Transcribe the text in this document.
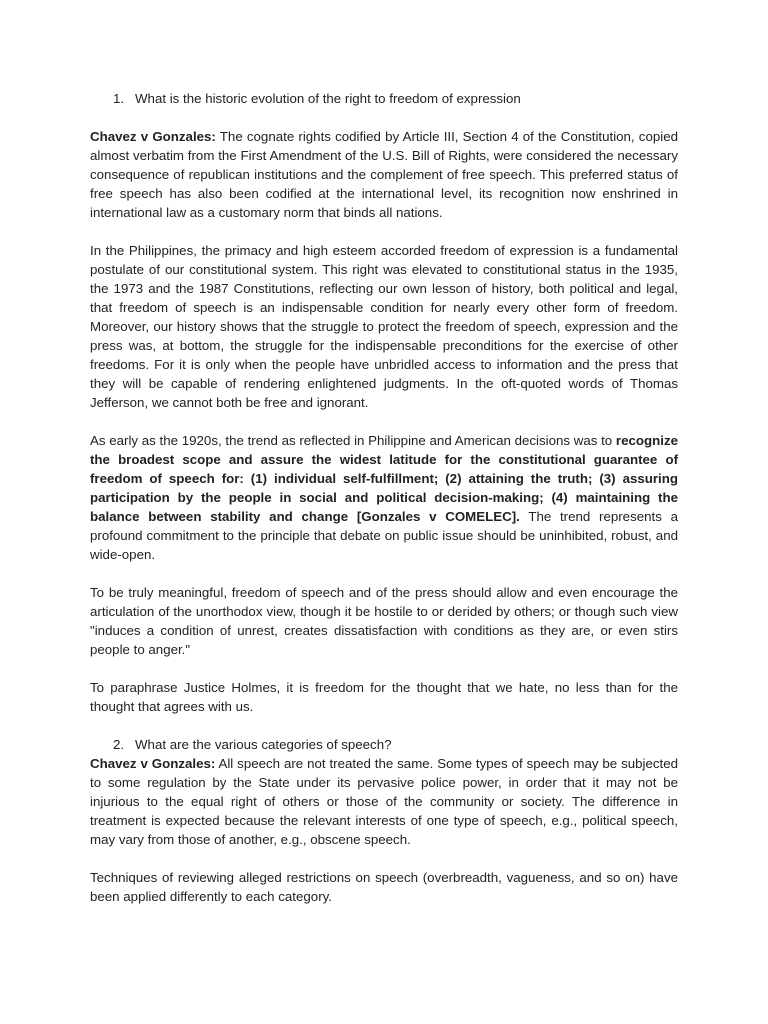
1. What is the historic evolution of the right to freedom of expression

Chavez v Gonzales: The cognate rights codified by Article III, Section 4 of the Constitution, copied almost verbatim from the First Amendment of the U.S. Bill of Rights, were considered the necessary consequence of republican institutions and the complement of free speech. This preferred status of free speech has also been codified at the international level, its recognition now enshrined in international law as a customary norm that binds all nations.

In the Philippines, the primacy and high esteem accorded freedom of expression is a fundamental postulate of our constitutional system. This right was elevated to constitutional status in the 1935, the 1973 and the 1987 Constitutions, reflecting our own lesson of history, both political and legal, that freedom of speech is an indispensable condition for nearly every other form of freedom. Moreover, our history shows that the struggle to protect the freedom of speech, expression and the press was, at bottom, the struggle for the indispensable preconditions for the exercise of other freedoms. For it is only when the people have unbridled access to information and the press that they will be capable of rendering enlightened judgments. In the oft-quoted words of Thomas Jefferson, we cannot both be free and ignorant.

As early as the 1920s, the trend as reflected in Philippine and American decisions was to recognize the broadest scope and assure the widest latitude for the constitutional guarantee of freedom of speech for: (1) individual self-fulfillment; (2) attaining the truth; (3) assuring participation by the people in social and political decision-making; (4) maintaining the balance between stability and change [Gonzales v COMELEC]. The trend represents a profound commitment to the principle that debate on public issue should be uninhibited, robust, and wide-open.

To be truly meaningful, freedom of speech and of the press should allow and even encourage the articulation of the unorthodox view, though it be hostile to or derided by others; or though such view "induces a condition of unrest, creates dissatisfaction with conditions as they are, or even stirs people to anger."

To paraphrase Justice Holmes, it is freedom for the thought that we hate, no less than for the thought that agrees with us.

2. What are the various categories of speech?

Chavez v Gonzales: All speech are not treated the same. Some types of speech may be subjected to some regulation by the State under its pervasive police power, in order that it may not be injurious to the equal right of others or those of the community or society. The difference in treatment is expected because the relevant interests of one type of speech, e.g., political speech, may vary from those of another, e.g., obscene speech.

Techniques of reviewing alleged restrictions on speech (overbreadth, vagueness, and so on) have been applied differently to each category.
